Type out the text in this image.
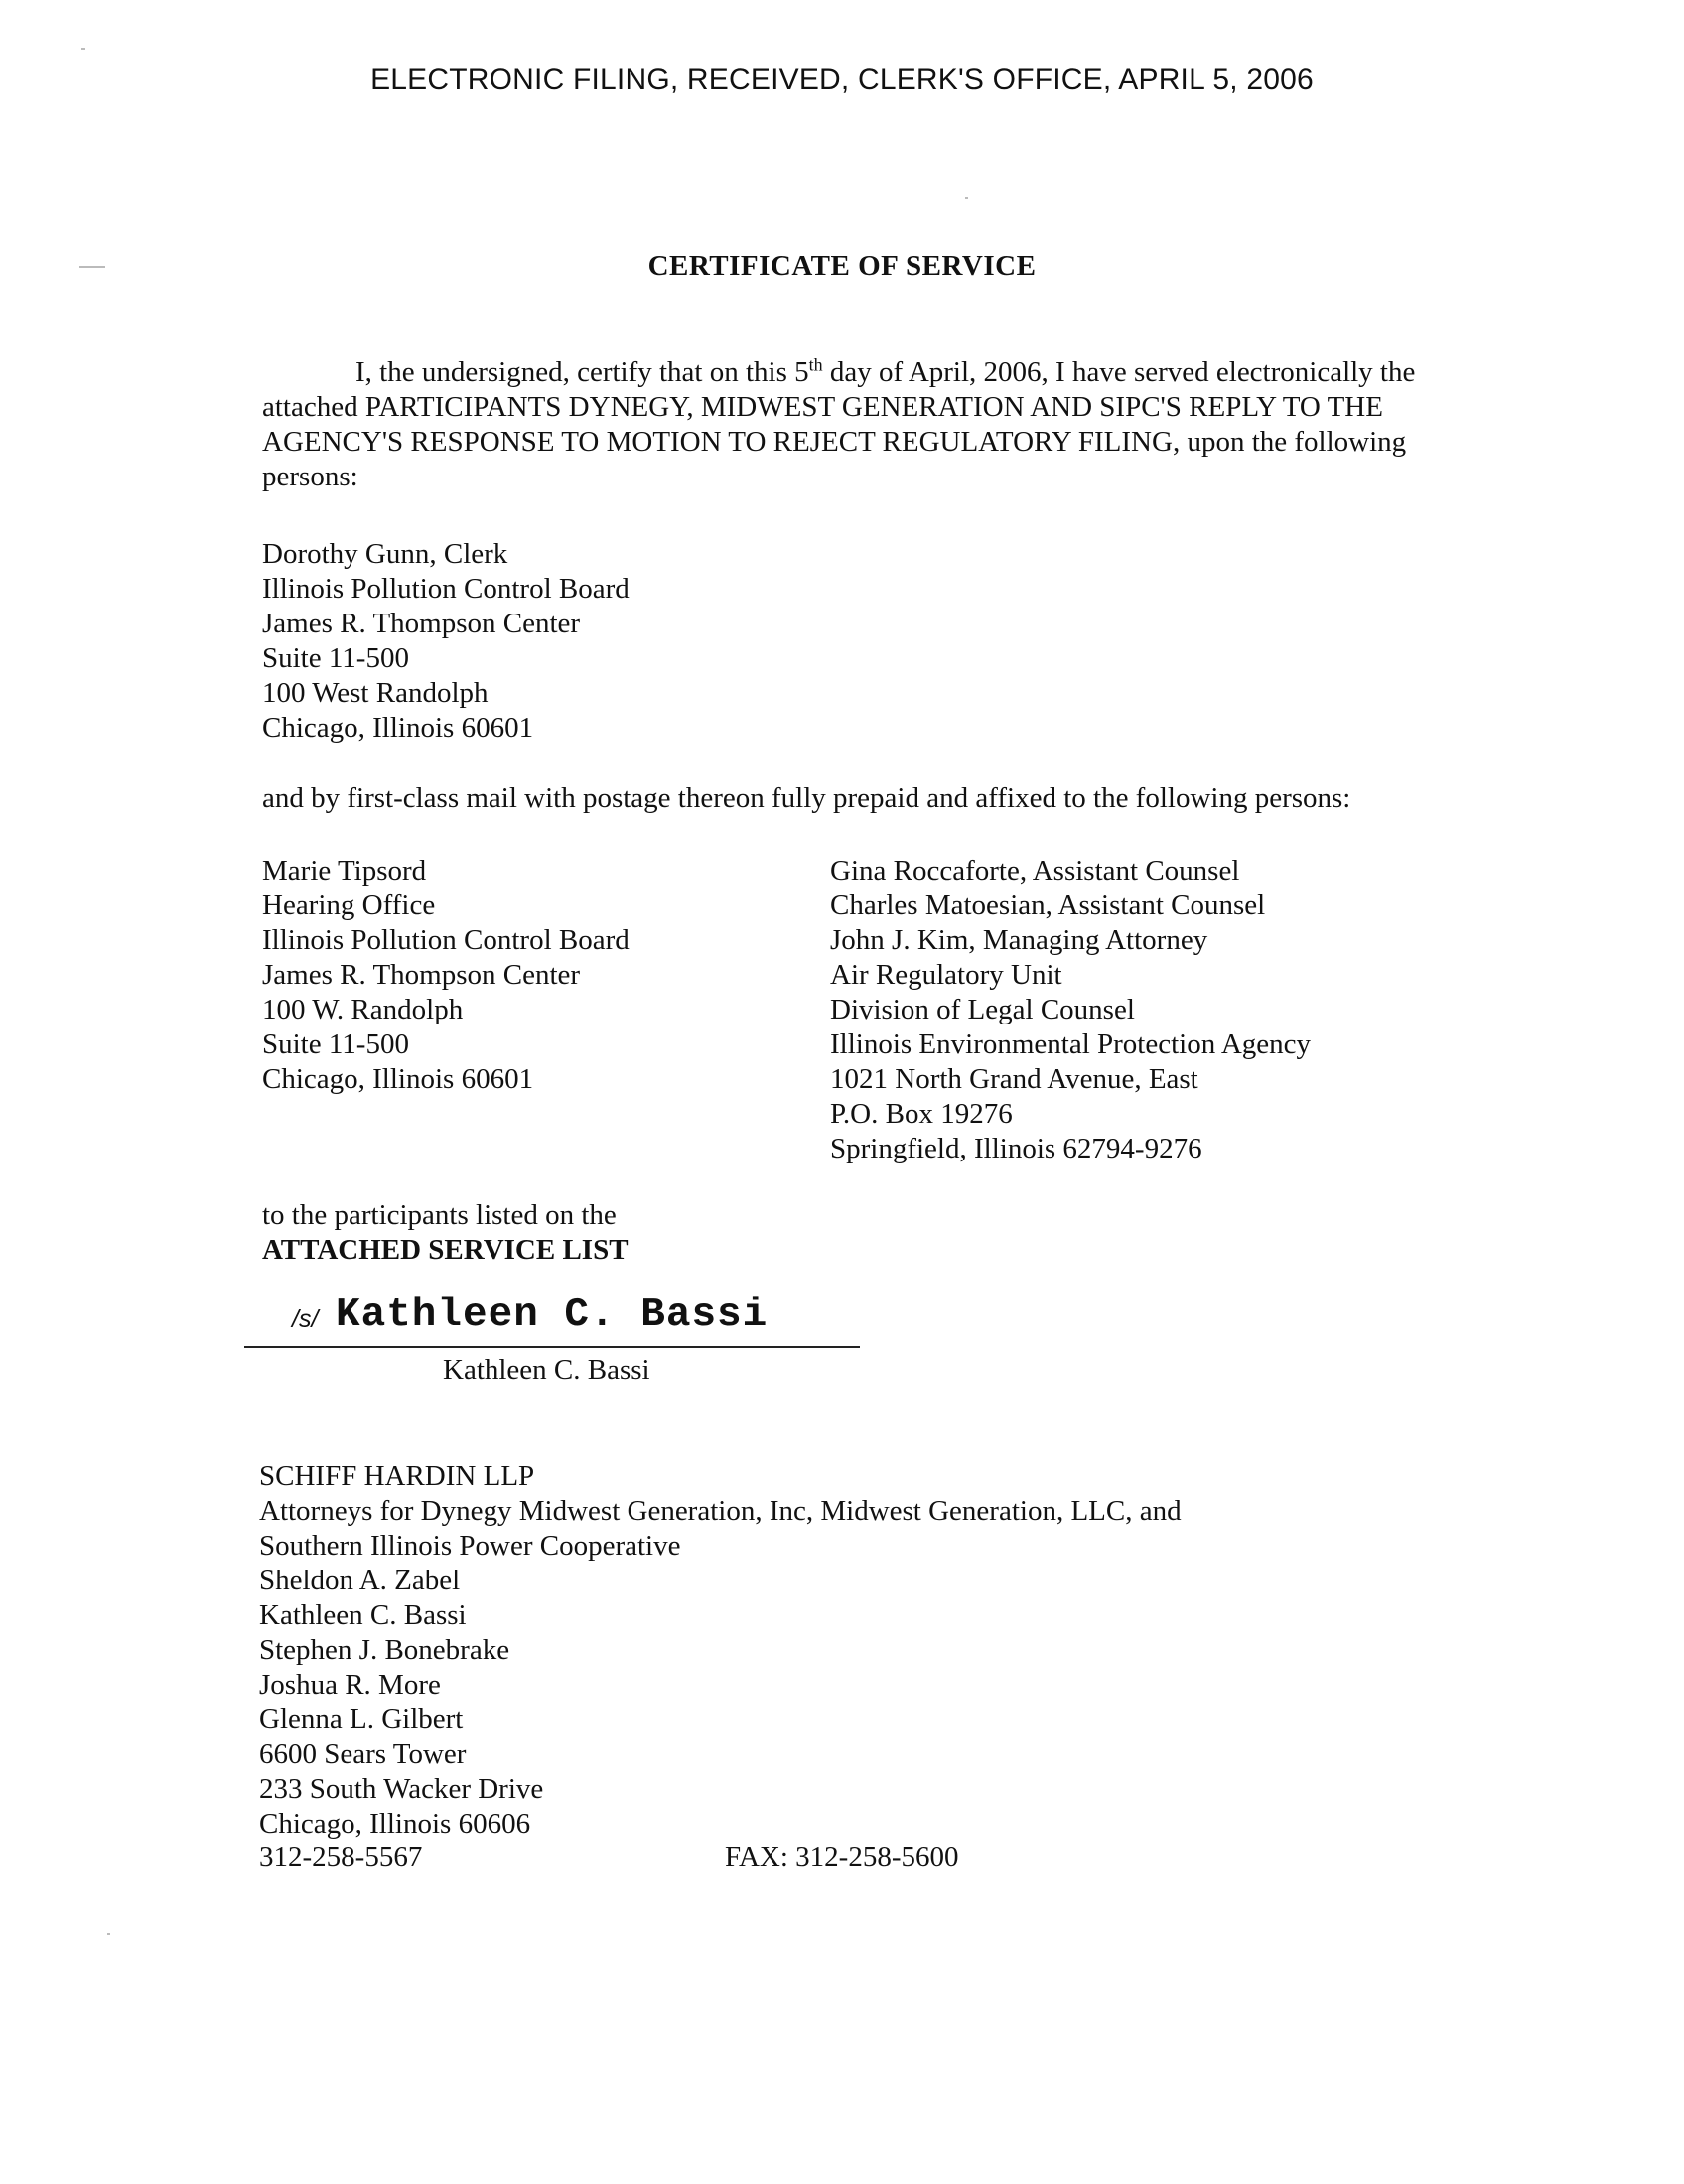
ELECTRONIC FILING, RECEIVED, CLERK'S OFFICE, APRIL 5, 2006
CERTIFICATE OF SERVICE
I, the undersigned, certify that on this 5th day of April, 2006, I have served electronically the attached PARTICIPANTS DYNEGY, MIDWEST GENERATION AND SIPC'S REPLY TO THE AGENCY'S RESPONSE TO MOTION TO REJECT REGULATORY FILING, upon the following persons:
Dorothy Gunn, Clerk
Illinois Pollution Control Board
James R. Thompson Center
Suite 11-500
100 West Randolph
Chicago, Illinois 60601
and by first-class mail with postage thereon fully prepaid and affixed to the following persons:
Marie Tipsord
Hearing Office
Illinois Pollution Control Board
James R. Thompson Center
100 W. Randolph
Suite 11-500
Chicago, Illinois 60601
Gina Roccaforte, Assistant Counsel
Charles Matoesian, Assistant Counsel
John J. Kim, Managing Attorney
Air Regulatory Unit
Division of Legal Counsel
Illinois Environmental Protection Agency
1021 North Grand Avenue, East
P.O. Box 19276
Springfield, Illinois 62794-9276
to the participants listed on the
ATTACHED SERVICE LIST
/s/ Kathleen C. Bassi
Kathleen C. Bassi
SCHIFF HARDIN LLP
Attorneys for Dynegy Midwest Generation, Inc, Midwest Generation, LLC, and
Southern Illinois Power Cooperative
Sheldon A. Zabel
Kathleen C. Bassi
Stephen J. Bonebrake
Joshua R. More
Glenna L. Gilbert
6600 Sears Tower
233 South Wacker Drive
Chicago, Illinois 60606
312-258-5567	FAX: 312-258-5600
